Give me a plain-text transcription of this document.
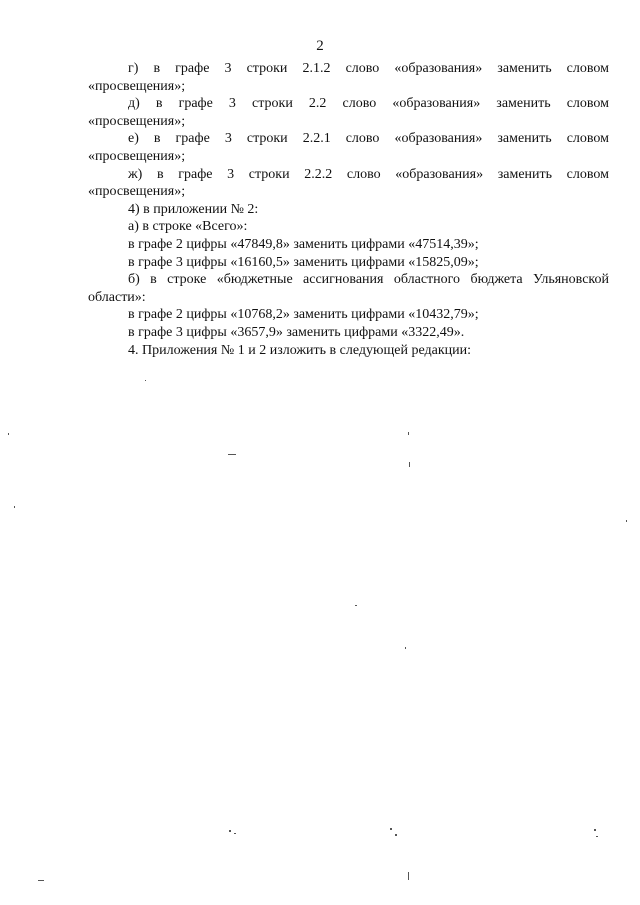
2

г) в графе 3 строки 2.1.2 слово «образования» заменить словом

«просвещения»;

д) в графе 3 строки 2.2 слово «образования» заменить словом

«просвещения»;

е) в графе 3 строки 2.2.1 слово «образования» заменить словом

«просвещения»;

ж) в графе 3 строки 2.2.2 слово «образования» заменить словом

«просвещения»;

4) в приложении № 2:

а) в строке «Всего»:

в графе 2 цифры «47849,8» заменить цифрами «47514,39»;

в графе 3 цифры «16160,5» заменить цифрами «15825,09»;

б) в строке «бюджетные ассигнования областного бюджета Ульяновской

области»:

в графе 2 цифры «10768,2» заменить цифрами «10432,79»;

в графе 3 цифры «3657,9» заменить цифрами «3322,49».

4. Приложения № 1 и 2 изложить в следующей редакции:
